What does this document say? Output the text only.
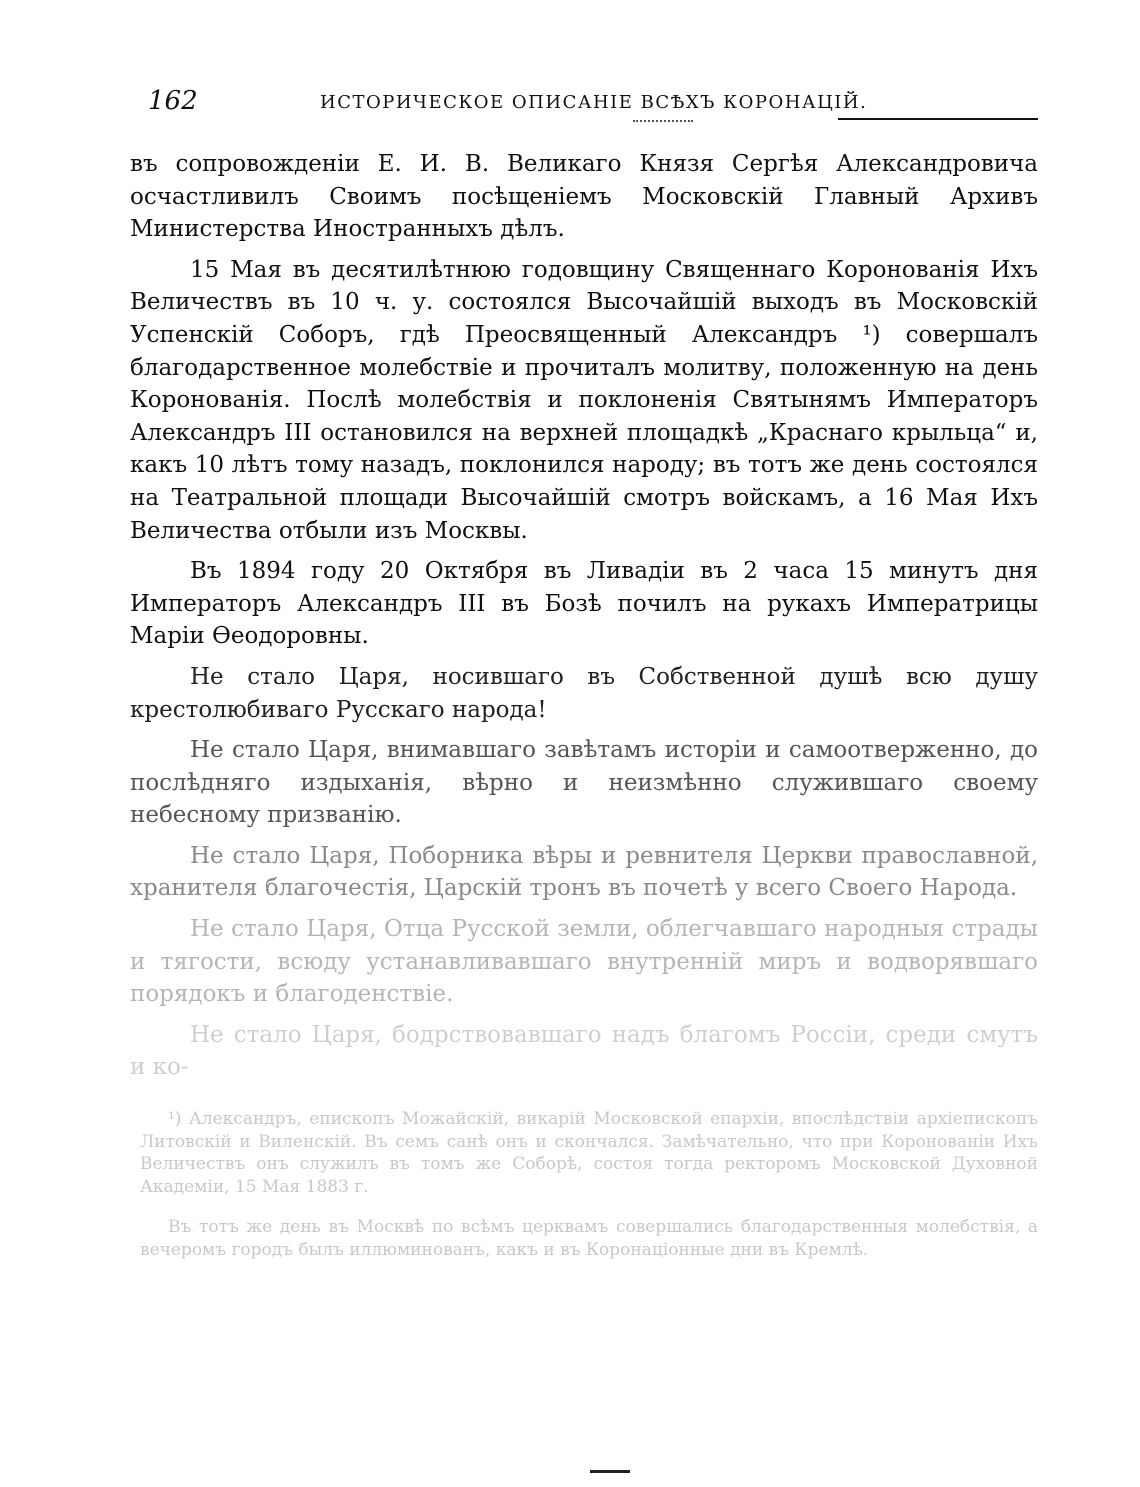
162	ИСТОРИЧЕСКОЕ ОПИСАНІЕ ВСѢХЪ КОРОНАЦІЙ.

въ сопровожденіи Е. И. В. Великаго Князя Сергѣя Александровича осчастливилъ Своимъ посѣщеніемъ Московскій Главный Архивъ Министерства Иностранныхъ дѣлъ.

15 Мая въ десятилѣтнюю годовщину Священнаго Коронованія Ихъ Величествъ въ 10 ч. у. состоялся Высочайшій выходъ въ Московскій Успенскій Соборъ, гдѣ Преосвященный Александръ ¹) совершалъ благодарственное молебствіе и прочиталъ молитву, положенную на день Коронованія. Послѣ молебствія и поклоненія Святынямъ Императоръ Александръ III остановился на верхней площадкѣ „Краснаго крыльца“ и, какъ 10 лѣтъ тому назадъ, поклонился народу; въ тотъ же день состоялся на Театральной площади Высочайшій смотръ войскамъ, а 16 Мая Ихъ Величества отбыли изъ Москвы.

Въ 1894 году 20 Октября въ Ливадіи въ 2 часа 15 минутъ дня Императоръ Александръ III въ Бозѣ почилъ на рукахъ Императрицы Маріи Ѳеодоровны.

Не стало Царя, носившаго въ Собственной душѣ всю душу крестолюбиваго Русскаго народа!

Не стало Царя, внимавшаго завѣтамъ исторіи и самоотверженно, до послѣдняго издыханія, вѣрно и неизмѣнно служившаго своему небесному призванію.

Не стало Царя, Поборника вѣры и ревнителя Церкви православной, хранителя благочестія, Царскій тронъ въ почетѣ у всего Своего Народа.

Не стало Царя, Отца Русской земли, облегчавшаго народныя страды и тягости, всюду устанавливавшаго внутренній миръ и водворявшаго порядокъ и благоденствіе.

Не стало Царя, бодрствовавшаго надъ благомъ Россіи, среди смутъ и ко-

¹) Александръ, епископъ Можайскій, викарій Московской епархіи, впослѣдствіи архіепископъ Литовскій и Виленскій. Въ семъ санѣ онъ и скончался. Замѣчательно, что при Коронованіи Ихъ Величествъ онъ служилъ въ томъ же Соборѣ, состоя тогда ректоромъ Московской Духовной Академіи, 15 Мая 1883 г.

Въ тотъ же день въ Москвѣ по всѣмъ церквамъ совершались благодарственныя молебствія, а вечеромъ городъ былъ иллюминованъ, какъ и въ Коронаціонные дни въ Кремлѣ.
